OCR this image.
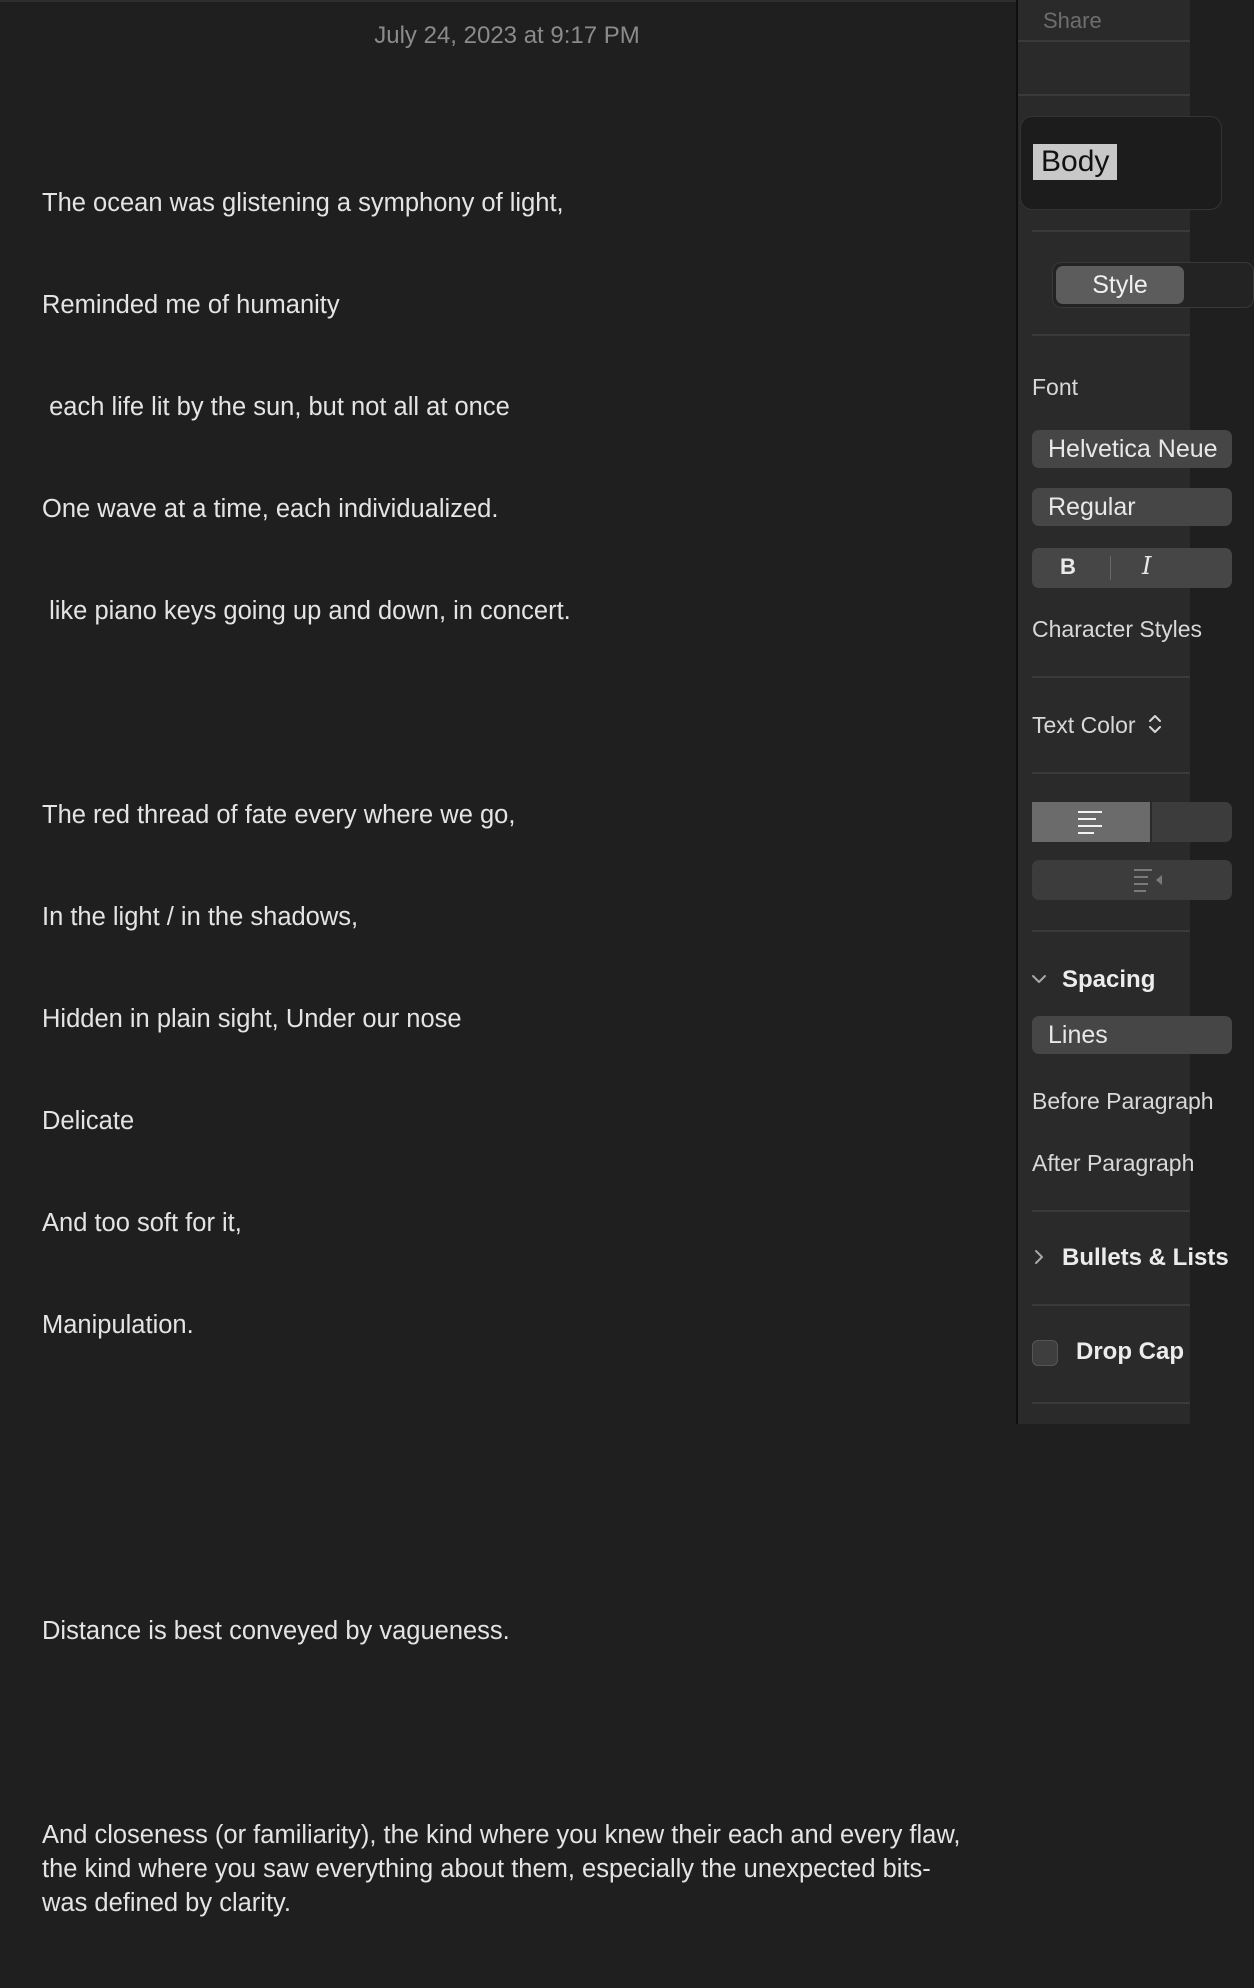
July 24, 2023 at 9:17 PM

The ocean was glistening a symphony of light,

Reminded me of humanity

each life lit by the sun, but not all at once

One wave at a time, each individualized.

like piano keys going up and down, in concert.

The red thread of fate every where we go,

In the light / in the shadows,

Hidden in plain sight, Under our nose

Delicate

And too soft for it,

Manipulation.

Distance is best conveyed by vagueness.

And closeness (or familiarity), the kind where you knew their each and every flaw, the kind where you saw everything about them, especially the unexpected bits- was defined by clarity.

Share
Body
Style
Font
Helvetica Neue
Regular
B	I
Character Styles
Text Color
Spacing
Lines
Before Paragraph
After Paragraph
Bullets & Lists
Drop Cap
